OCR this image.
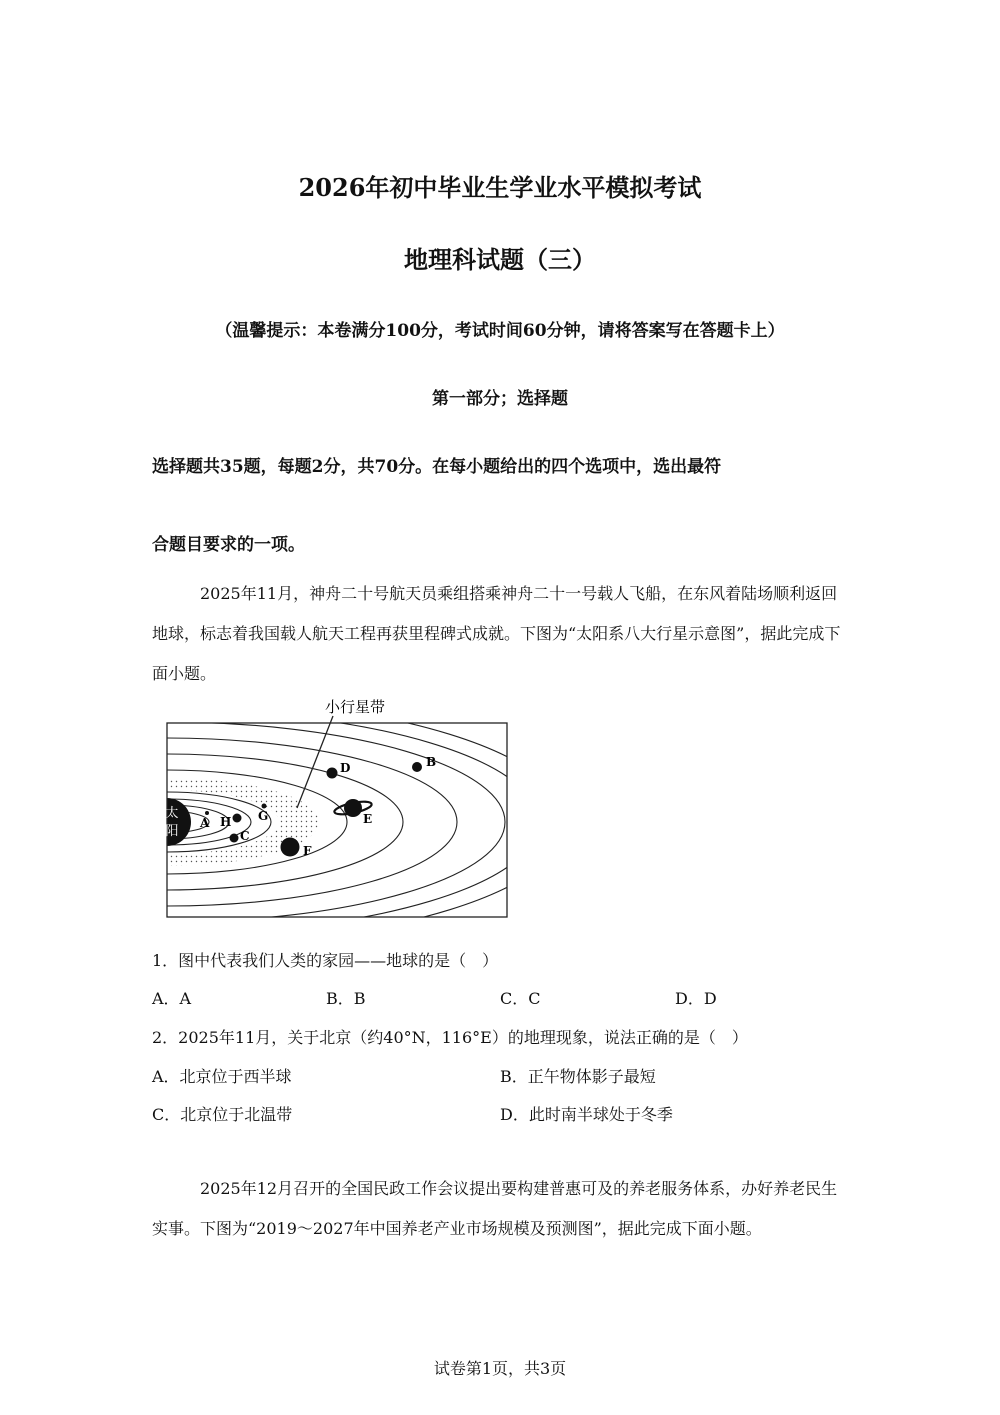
2026年初中毕业生学业水平模拟考试
地理科试题（三）
（温馨提示：本卷满分100分，考试时间60分钟，请将答案写在答题卡上）
第一部分；选择题
选择题共35题，每题2分，共70分。在每小题给出的四个选项中，选出最符
合题目要求的一项。
2025年11月，神舟二十号航天员乘组搭乘神舟二十一号载人飞船，在东风着陆场顺利返回地球，标志着我国载人航天工程再获里程碑式成就。下图为“太阳系八大行星示意图”，据此完成下面小题。
太
阳
小行星带
A H
C
G
D
F
E
B
1．图中代表我们人类的家园——地球的是（　）
A．A	B．B	C．C	D．D
2．2025年11月，关于北京（约40°N，116°E）的地理现象，说法正确的是（　）
A．北京位于西半球	B．正午物体影子最短
C．北京位于北温带	D．此时南半球处于冬季
2025年12月召开的全国民政工作会议提出要构建普惠可及的养老服务体系，办好养老民生实事。下图为“2019～2027年中国养老产业市场规模及预测图”，据此完成下面小题。
试卷第1页，共3页
